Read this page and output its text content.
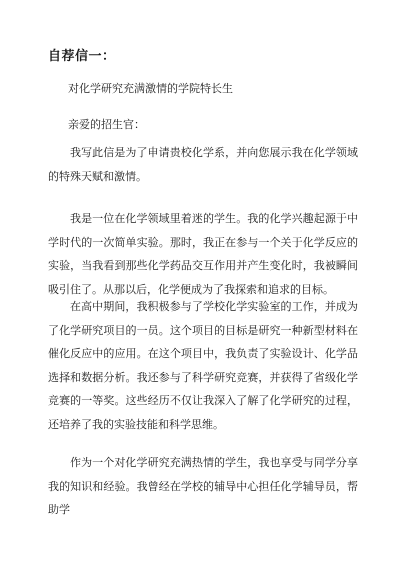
自荐信一：
对化学研究充满激情的学院特长生
亲爱的招生官：

我写此信是为了申请贵校化学系，并向您展示我在化学领域的特殊天赋和激情。

我是一位在化学领域里着迷的学生。我的化学兴趣起源于中学时代的一次简单实验。那时，我正在参与一个关于化学反应的实验，当我看到那些化学药品交互作用并产生变化时，我被瞬间吸引住了。从那以后，化学便成为了我探索和追求的目标。

在高中期间，我积极参与了学校化学实验室的工作，并成为了化学研究项目的一员。这个项目的目标是研究一种新型材料在催化反应中的应用。在这个项目中，我负责了实验设计、化学品选择和数据分析。我还参与了科学研究竞赛，并获得了省级化学竞赛的一等奖。这些经历不仅让我深入了解了化学研究的过程，还培养了我的实验技能和科学思维。

作为一个对化学研究充满热情的学生，我也享受与同学分享我的知识和经验。我曾经在学校的辅导中心担任化学辅导员，帮助学
